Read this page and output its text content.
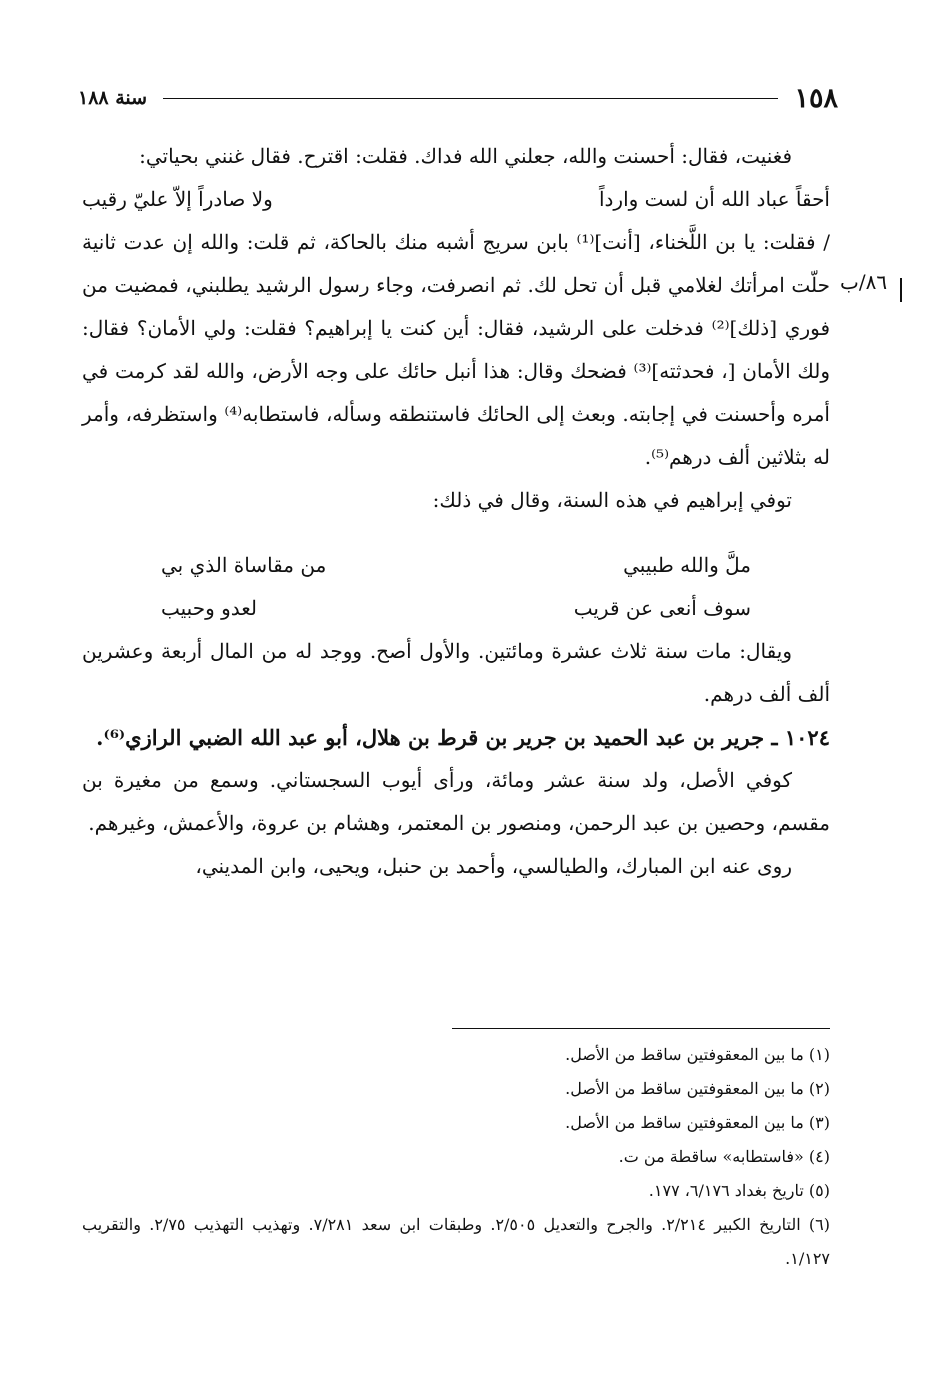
١٥٨
سنة ١٨٨
٨٦/ب

فغنيت، فقال: أحسنت والله، جعلني الله فداك. فقلت: اقترح. فقال غنني بحياتي:

أحقاً عباد الله أن لست وارداً
ولا صادراً إلاّ عليّ رقيب

/ فقلت: يا بن اللَّخناء، [أنت]⁽¹⁾ بابن سريج أشبه منك بالحاكة، ثم قلت: والله إن عدت ثانية حلّت امرأتك لغلامي قبل أن تحل لك. ثم انصرفت، وجاء رسول الرشيد يطلبني، فمضيت من فوري [ذلك]⁽²⁾ فدخلت على الرشيد، فقال: أين كنت يا إبراهيم؟ فقلت: ولي الأمان؟ فقال: ولك الأمان [، فحدثته]⁽³⁾ فضحك وقال: هذا أنبل حائك على وجه الأرض، والله لقد كرمت في أمره وأحسنت في إجابته. وبعث إلى الحائك فاستنطقه وسأله، فاستطابه⁽⁴⁾ واستظرفه، وأمر له بثلاثين ألف درهم⁽⁵⁾.

توفي إبراهيم في هذه السنة، وقال في ذلك:

ملَّ والله طبيبي
من مقاساة الذي بي
سوف أنعى عن قريب
لعدو وحبيب

ويقال: مات سنة ثلاث عشرة ومائتين. والأول أصح. ووجد له من المال أربعة وعشرين ألف ألف درهم.

١٠٢٤ ـ جرير بن عبد الحميد بن جرير بن قرط بن هلال، أبو عبد الله الضبي الرازي⁽⁶⁾.

كوفي الأصل، ولد سنة عشر ومائة، ورأى أيوب السجستاني. وسمع من مغيرة بن مقسم، وحصين بن عبد الرحمن، ومنصور بن المعتمر، وهشام بن عروة، والأعمش، وغيرهم.

روى عنه ابن المبارك، والطيالسي، وأحمد بن حنبل، ويحيى، وابن المديني،

(١) ما بين المعقوفتين ساقط من الأصل.

(٢) ما بين المعقوفتين ساقط من الأصل.

(٣) ما بين المعقوفتين ساقط من الأصل.

(٤) «فاستطابه» ساقطة من ت.

(٥) تاريخ بغداد ٦/١٧٦، ١٧٧.

(٦) التاريخ الكبير ٢/٢١٤. والجرح والتعديل ٢/٥٠٥. وطبقات ابن سعد ٧/٢٨١. وتهذيب التهذيب ٢/٧٥. والتقريب ١/١٢٧.
